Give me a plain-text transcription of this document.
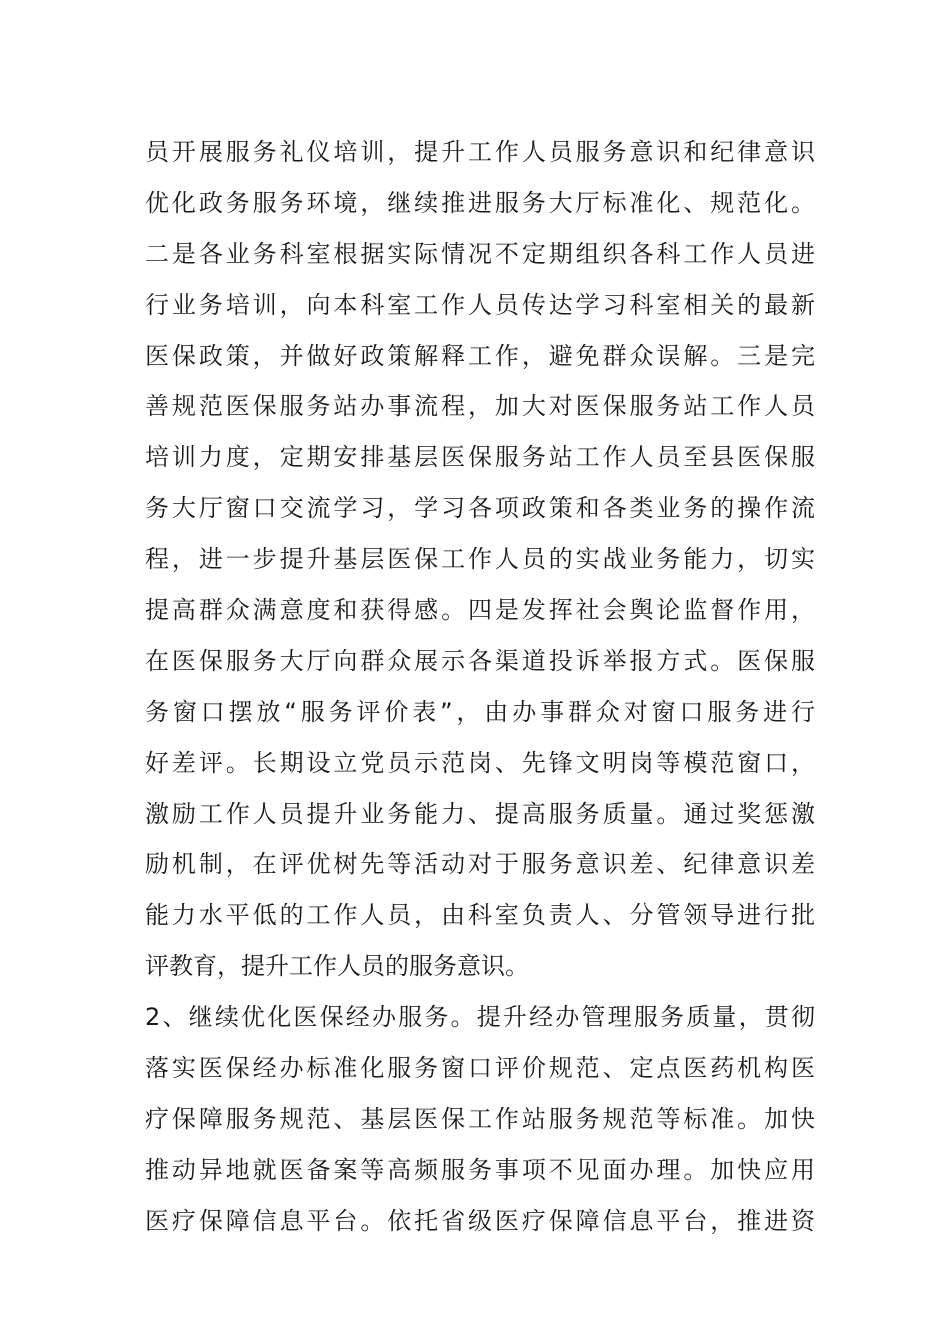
员开展服务礼仪培训，提升工作人员服务意识和纪律意识
优化政务服务环境，继续推进服务大厅标准化、规范化。
二是各业务科室根据实际情况不定期组织各科工作人员进
行业务培训，向本科室工作人员传达学习科室相关的最新
医保政策，并做好政策解释工作，避免群众误解。三是完
善规范医保服务站办事流程，加大对医保服务站工作人员
培训力度，定期安排基层医保服务站工作人员至县医保服
务大厅窗口交流学习，学习各项政策和各类业务的操作流
程，进一步提升基层医保工作人员的实战业务能力，切实
提高群众满意度和获得感。四是发挥社会舆论监督作用，
在医保服务大厅向群众展示各渠道投诉举报方式。医保服
务窗口摆放“服务评价表”，由办事群众对窗口服务进行
好差评。长期设立党员示范岗、先锋文明岗等模范窗口，
激励工作人员提升业务能力、提高服务质量。通过奖惩激
励机制，在评优树先等活动对于服务意识差、纪律意识差
能力水平低的工作人员，由科室负责人、分管领导进行批
评教育，提升工作人员的服务意识。
2、继续优化医保经办服务。提升经办管理服务质量，贯彻
落实医保经办标准化服务窗口评价规范、定点医药机构医
疗保障服务规范、基层医保工作站服务规范等标准。加快
推动异地就医备案等高频服务事项不见面办理。加快应用
医疗保障信息平台。依托省级医疗保障信息平台，推进资
